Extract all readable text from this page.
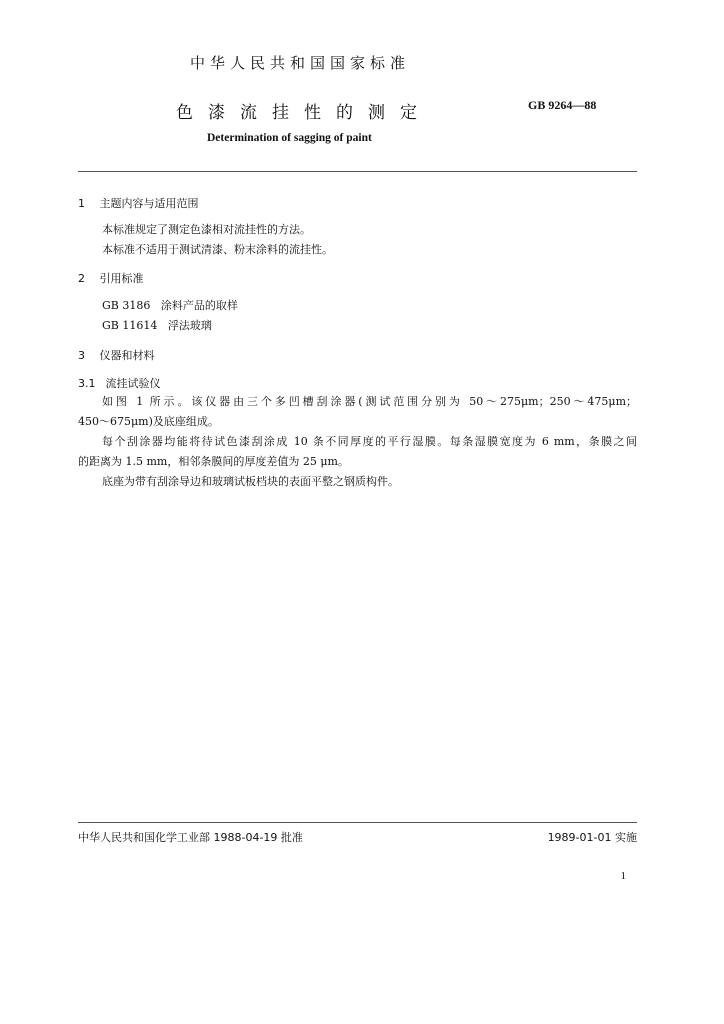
中华人民共和国国家标准
色漆流挂性的测定	GB 9264—88
Determination of sagging of paint
1 主题内容与适用范围
本标准规定了测定色漆相对流挂性的方法。
本标准不适用于测试清漆、粉末涂料的流挂性。
2 引用标准
GB 3186 涂料产品的取样
GB 11614 浮法玻璃
3 仪器和材料
3.1 流挂试验仪

如图 1 所示。该仪器由三个多凹槽刮涂器(测试范围分别为 50～275μm；250～475μm；

450～675μm)及底座组成。

每个刮涂器均能将待试色漆刮涂成 10 条不同厚度的平行湿膜。每条湿膜宽度为 6 mm，条膜之间

的距离为 1.5 mm，相邻条膜间的厚度差值为 25 μm。

底座为带有刮涂导边和玻璃试板档块的表面平整之钢质构件。

中华人民共和国化学工业部 1988-04-19 批准	1989-01-01 实施
1
